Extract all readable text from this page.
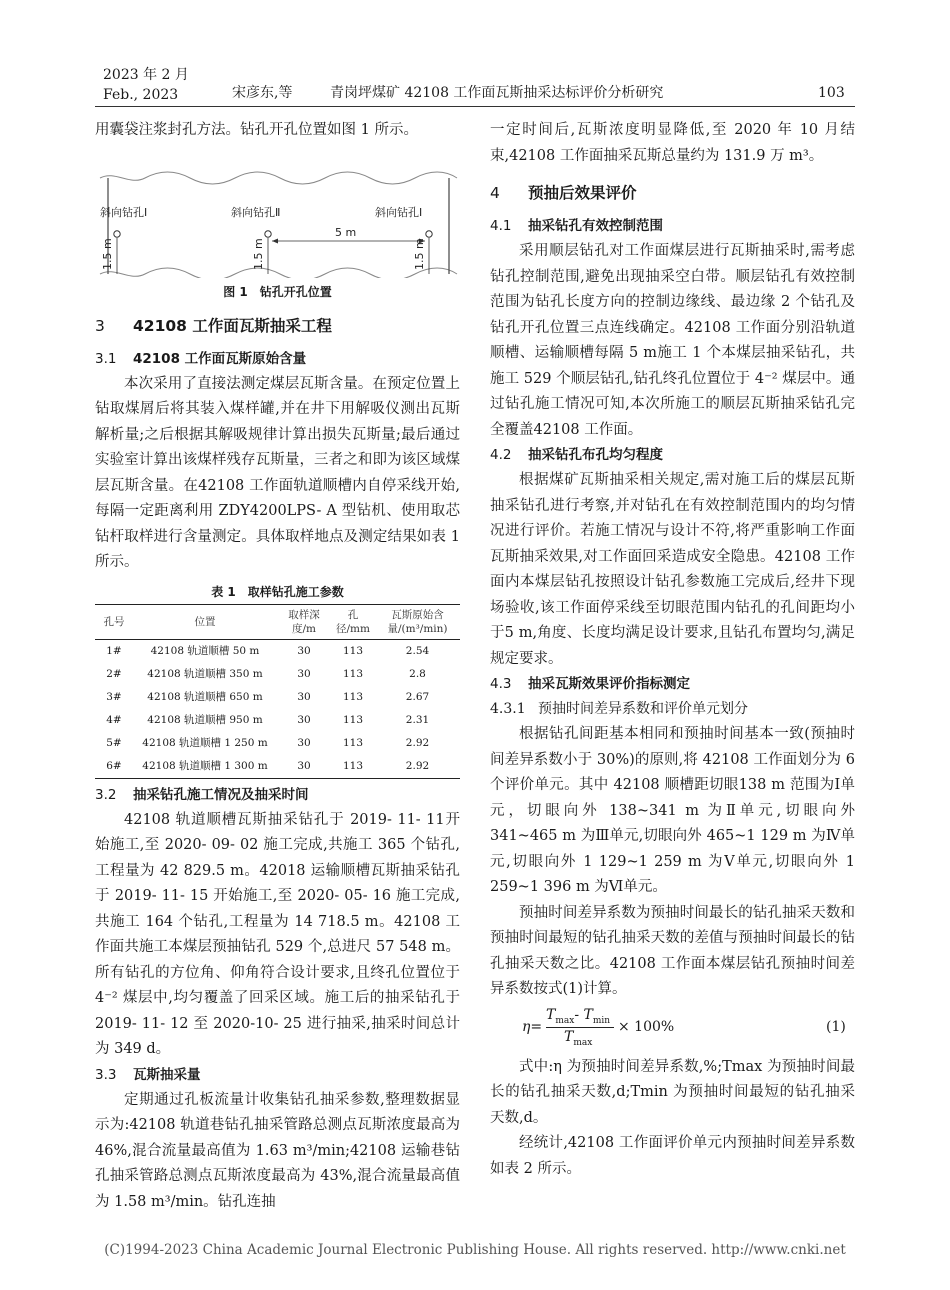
2023 年 2 月
Feb., 2023	宋彦东,等	青岗坪煤矿 42108 工作面瓦斯抽采达标评价分析研究	103

用囊袋注浆封孔方法。钻孔开孔位置如图 1 所示。

斜向钻孔Ⅰ	斜向钻孔Ⅱ	斜向钻孔Ⅰ
5 m
1.5 m	1.5 m	1.5 m
图 1　钻孔开孔位置
3 42108 工作面瓦斯抽采工程
3.1 42108 工作面瓦斯原始含量

本次采用了直接法测定煤层瓦斯含量。在预定位置上钻取煤屑后将其装入煤样罐,并在井下用解吸仪测出瓦斯解析量;之后根据其解吸规律计算出损失瓦斯量;最后通过实验室计算出该煤样残存瓦斯量，三者之和即为该区域煤层瓦斯含量。在42108 工作面轨道顺槽内自停采线开始,每隔一定距离利用 ZDY4200LPS- A 型钻机、使用取芯钻杆取样进行含量测定。具体取样地点及测定结果如表 1所示。

表 1　取样钻孔施工参数
孔号	位置	取样深度/m	孔径/mm	瓦斯原始含量/(m³/min)
1#	42108 轨道顺槽 50 m	30	113	2.54
2#	42108 轨道顺槽 350 m	30	113	2.8
3#	42108 轨道顺槽 650 m	30	113	2.67
4#	42108 轨道顺槽 950 m	30	113	2.31
5#	42108 轨道顺槽 1 250 m	30	113	2.92
6#	42108 轨道顺槽 1 300 m	30	113	2.92
3.2 抽采钻孔施工情况及抽采时间

42108 轨道顺槽瓦斯抽采钻孔于 2019- 11- 11开始施工,至 2020- 09- 02 施工完成,共施工 365 个钻孔,工程量为 42 829.5 m。42018 运输顺槽瓦斯抽采钻孔于 2019- 11- 15 开始施工,至 2020- 05- 16 施工完成,共施工 164 个钻孔,工程量为 14 718.5 m。42108 工作面共施工本煤层预抽钻孔 529 个,总进尺 57 548 m。所有钻孔的方位角、仰角符合设计要求,且终孔位置位于 4⁻² 煤层中,均匀覆盖了回采区域。施工后的抽采钻孔于 2019- 11- 12 至 2020-10- 25 进行抽采,抽采时间总计为 349 d。

3.3 瓦斯抽采量

定期通过孔板流量计收集钻孔抽采参数,整理数据显示为:42108 轨道巷钻孔抽采管路总测点瓦斯浓度最高为 46%,混合流量最高值为 1.63 m³/min;42108 运输巷钻孔抽采管路总测点瓦斯浓度最高为 43%,混合流量最高值为 1.58 m³/min。钻孔连抽

一定时间后,瓦斯浓度明显降低,至 2020 年 10 月结束,42108 工作面抽采瓦斯总量约为 131.9 万 m³。

4 预抽后效果评价
4.1 抽采钻孔有效控制范围

采用顺层钻孔对工作面煤层进行瓦斯抽采时,需考虑钻孔控制范围,避免出现抽采空白带。顺层钻孔有效控制范围为钻孔长度方向的控制边缘线、最边缘 2 个钻孔及钻孔开孔位置三点连线确定。42108 工作面分别沿轨道顺槽、运输顺槽每隔 5 m施工 1 个本煤层抽采钻孔，共施工 529 个顺层钻孔,钻孔终孔位置位于 4⁻² 煤层中。通过钻孔施工情况可知,本次所施工的顺层瓦斯抽采钻孔完全覆盖42108 工作面。

4.2 抽采钻孔布孔均匀程度

根据煤矿瓦斯抽采相关规定,需对施工后的煤层瓦斯抽采钻孔进行考察,并对钻孔在有效控制范围内的均匀情况进行评价。若施工情况与设计不符,将严重影响工作面瓦斯抽采效果,对工作面回采造成安全隐患。42108 工作面内本煤层钻孔按照设计钻孔参数施工完成后,经井下现场验收,该工作面停采线至切眼范围内钻孔的孔间距均小于5 m,角度、长度均满足设计要求,且钻孔布置均匀,满足规定要求。

4.3 抽采瓦斯效果评价指标测定
4.3.1 预抽时间差异系数和评价单元划分

根据钻孔间距基本相同和预抽时间基本一致(预抽时间差异系数小于 30%)的原则,将 42108 工作面划分为 6 个评价单元。其中 42108 顺槽距切眼138 m 范围为Ⅰ单元，切眼向外 138~341 m 为Ⅱ单元,切眼向外 341~465 m 为Ⅲ单元,切眼向外 465~1 129 m 为Ⅳ单元,切眼向外 1 129~1 259 m 为Ⅴ单元,切眼向外 1 259~1 396 m 为Ⅵ单元。

预抽时间差异系数为预抽时间最长的钻孔抽采天数和预抽时间最短的钻孔抽采天数的差值与预抽时间最长的钻孔抽采天数之比。42108 工作面本煤层钻孔预抽时间差异系数按式(1)计算。

η=
$T_{max}-$ $T_{min}$
$T_{max}$
× 100%	(1)

式中:η 为预抽时间差异系数,%;Tmax 为预抽时间最长的钻孔抽采天数,d;Tmin 为预抽时间最短的钻孔抽采天数,d。

经统计,42108 工作面评价单元内预抽时间差异系数如表 2 所示。

(C)1994-2023 China Academic Journal Electronic Publishing House. All rights reserved. http://www.cnki.net
